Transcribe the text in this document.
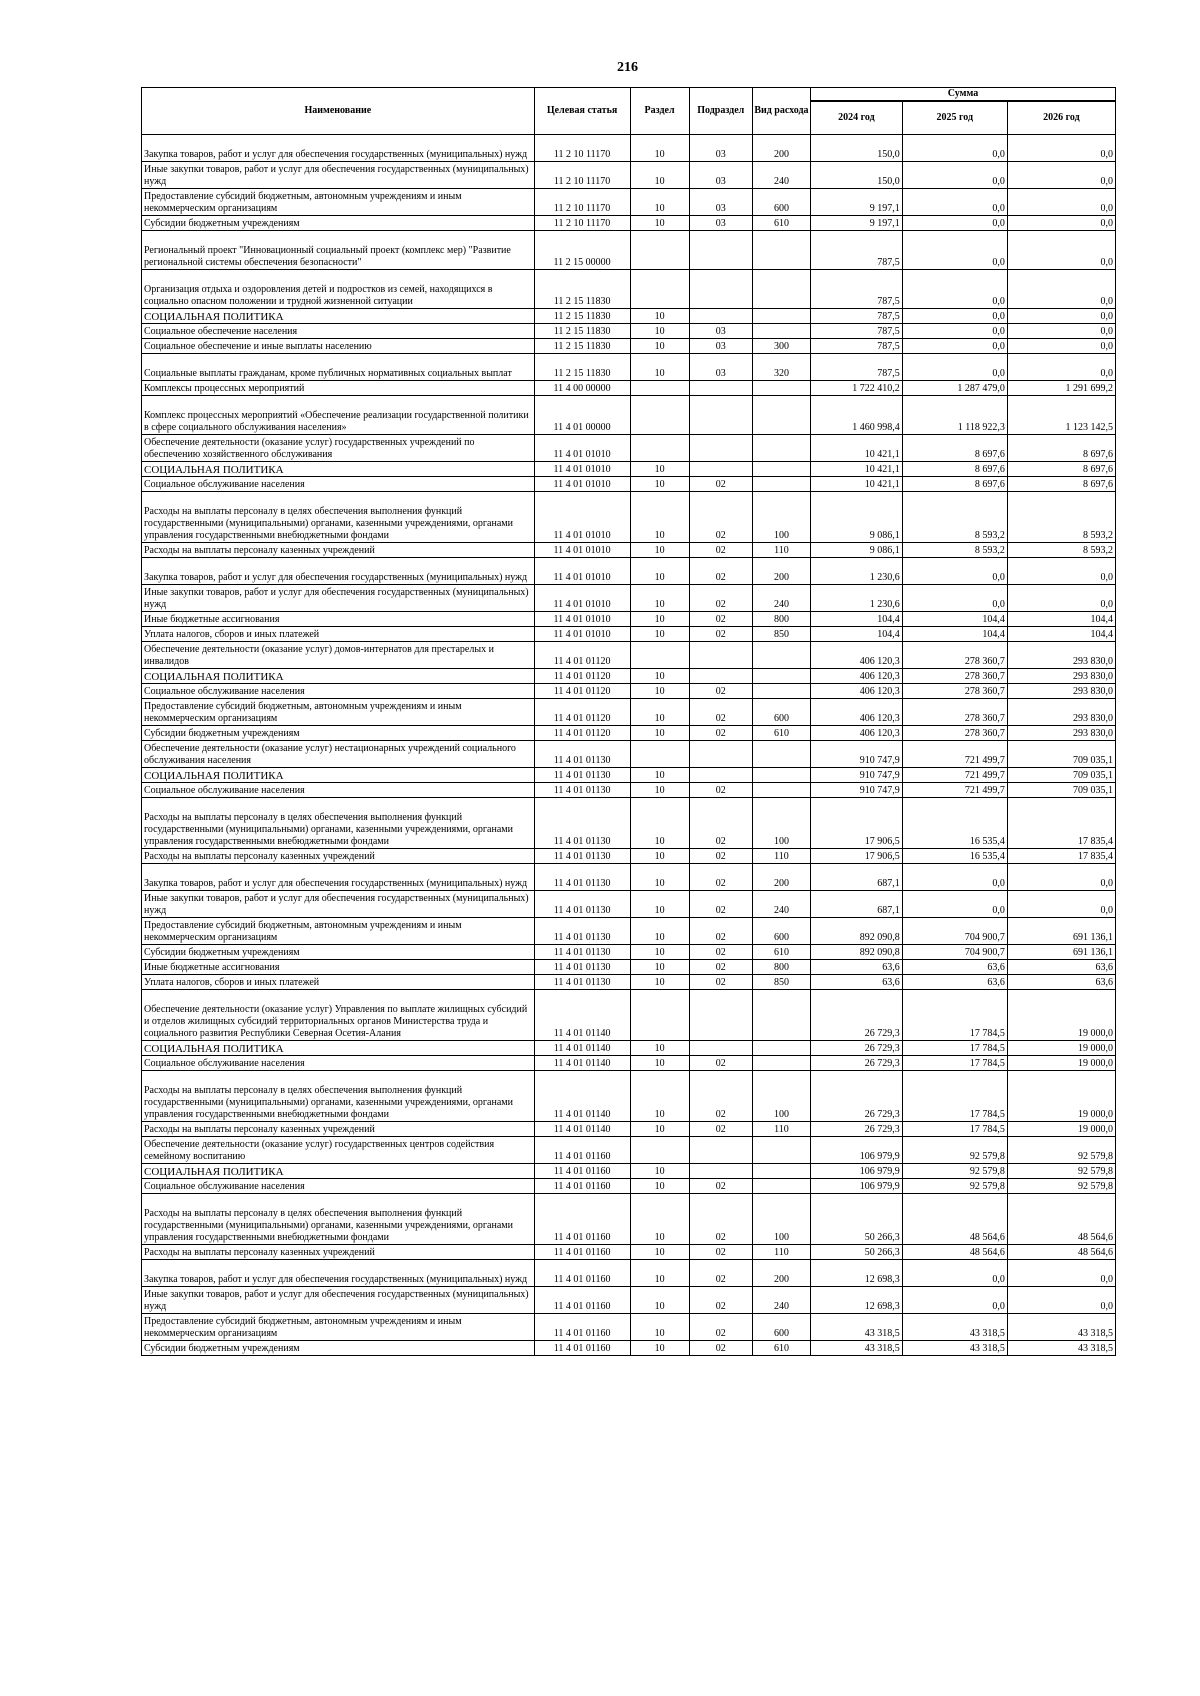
216
Наименование	Целевая статья	Раздел	Подраздел	Вид расхода	Сумма		
					2024 год	2025 год	2026 год
Закупка товаров, работ и услуг для обеспечения государственных (муниципальных) нужд	11 2 10 11170	10	03	200	150,0	0,0	0,0
Иные закупки товаров, работ и услуг для обеспечения государственных (муниципальных) нужд	11 2 10 11170	10	03	240	150,0	0,0	0,0
Предоставление субсидий бюджетным, автономным учреждениям и иным некоммерческим организациям	11 2 10 11170	10	03	600	9 197,1	0,0	0,0
Субсидии бюджетным учреждениям	11 2 10 11170	10	03	610	9 197,1	0,0	0,0
Региональный проект "Инновационный социальный проект (комплекс мер) "Развитие региональной системы обеспечения безопасности"	11 2 15 00000				787,5	0,0	0,0
Организация отдыха и оздоровления детей и подростков из семей, находящихся в социально опасном положении и трудной жизненной ситуации	11 2 15 11830				787,5	0,0	0,0
СОЦИАЛЬНАЯ ПОЛИТИКА	11 2 15 11830	10			787,5	0,0	0,0
Социальное обеспечение населения	11 2 15 11830	10	03		787,5	0,0	0,0
Социальное обеспечение и иные выплаты населению	11 2 15 11830	10	03	300	787,5	0,0	0,0
Социальные выплаты гражданам, кроме публичных нормативных социальных выплат	11 2 15 11830	10	03	320	787,5	0,0	0,0
Комплексы процессных мероприятий	11 4 00 00000				1 722 410,2	1 287 479,0	1 291 699,2
Комплекс процессных мероприятий «Обеспечение реализации государственной политики в сфере социального обслуживания населения»	11 4 01 00000				1 460 998,4	1 118 922,3	1 123 142,5
Обеспечение деятельности (оказание услуг) государственных учреждений по обеспечению хозяйственного обслуживания	11 4 01 01010				10 421,1	8 697,6	8 697,6
СОЦИАЛЬНАЯ ПОЛИТИКА	11 4 01 01010	10			10 421,1	8 697,6	8 697,6
Социальное обслуживание населения	11 4 01 01010	10	02		10 421,1	8 697,6	8 697,6
Расходы на выплаты персоналу в целях обеспечения выполнения функций государственными (муниципальными) органами, казенными учреждениями, органами управления государственными внебюджетными фондами	11 4 01 01010	10	02	100	9 086,1	8 593,2	8 593,2
Расходы на выплаты персоналу казенных учреждений	11 4 01 01010	10	02	110	9 086,1	8 593,2	8 593,2
Закупка товаров, работ и услуг для обеспечения государственных (муниципальных) нужд	11 4 01 01010	10	02	200	1 230,6	0,0	0,0
Иные закупки товаров, работ и услуг для обеспечения государственных (муниципальных) нужд	11 4 01 01010	10	02	240	1 230,6	0,0	0,0
Иные бюджетные ассигнования	11 4 01 01010	10	02	800	104,4	104,4	104,4
Уплата налогов, сборов и иных платежей	11 4 01 01010	10	02	850	104,4	104,4	104,4
Обеспечение деятельности (оказание услуг) домов-интернатов для престарелых и инвалидов	11 4 01 01120				406 120,3	278 360,7	293 830,0
СОЦИАЛЬНАЯ ПОЛИТИКА	11 4 01 01120	10			406 120,3	278 360,7	293 830,0
Социальное обслуживание населения	11 4 01 01120	10	02		406 120,3	278 360,7	293 830,0
Предоставление субсидий бюджетным, автономным учреждениям и иным некоммерческим организациям	11 4 01 01120	10	02	600	406 120,3	278 360,7	293 830,0
Субсидии бюджетным учреждениям	11 4 01 01120	10	02	610	406 120,3	278 360,7	293 830,0
Обеспечение деятельности (оказание услуг) нестационарных учреждений социального обслуживания населения	11 4 01 01130				910 747,9	721 499,7	709 035,1
СОЦИАЛЬНАЯ ПОЛИТИКА	11 4 01 01130	10			910 747,9	721 499,7	709 035,1
Социальное обслуживание населения	11 4 01 01130	10	02		910 747,9	721 499,7	709 035,1
Расходы на выплаты персоналу в целях обеспечения выполнения функций государственными (муниципальными) органами, казенными учреждениями, органами управления государственными внебюджетными фондами	11 4 01 01130	10	02	100	17 906,5	16 535,4	17 835,4
Расходы на выплаты персоналу казенных учреждений	11 4 01 01130	10	02	110	17 906,5	16 535,4	17 835,4
Закупка товаров, работ и услуг для обеспечения государственных (муниципальных) нужд	11 4 01 01130	10	02	200	687,1	0,0	0,0
Иные закупки товаров, работ и услуг для обеспечения государственных (муниципальных) нужд	11 4 01 01130	10	02	240	687,1	0,0	0,0
Предоставление субсидий бюджетным, автономным учреждениям и иным некоммерческим организациям	11 4 01 01130	10	02	600	892 090,8	704 900,7	691 136,1
Субсидии бюджетным учреждениям	11 4 01 01130	10	02	610	892 090,8	704 900,7	691 136,1
Иные бюджетные ассигнования	11 4 01 01130	10	02	800	63,6	63,6	63,6
Уплата налогов, сборов и иных платежей	11 4 01 01130	10	02	850	63,6	63,6	63,6
Обеспечение деятельности (оказание услуг) Управления по выплате жилищных субсидий и отделов жилищных субсидий территориальных органов Министерства труда и социального развития Республики Северная Осетия-Алания	11 4 01 01140				26 729,3	17 784,5	19 000,0
СОЦИАЛЬНАЯ ПОЛИТИКА	11 4 01 01140	10			26 729,3	17 784,5	19 000,0
Социальное обслуживание населения	11 4 01 01140	10	02		26 729,3	17 784,5	19 000,0
Расходы на выплаты персоналу в целях обеспечения выполнения функций государственными (муниципальными) органами, казенными учреждениями, органами управления государственными внебюджетными фондами	11 4 01 01140	10	02	100	26 729,3	17 784,5	19 000,0
Расходы на выплаты персоналу казенных учреждений	11 4 01 01140	10	02	110	26 729,3	17 784,5	19 000,0
Обеспечение деятельности (оказание услуг) государственных центров содействия семейному воспитанию	11 4 01 01160				106 979,9	92 579,8	92 579,8
СОЦИАЛЬНАЯ ПОЛИТИКА	11 4 01 01160	10			106 979,9	92 579,8	92 579,8
Социальное обслуживание населения	11 4 01 01160	10	02		106 979,9	92 579,8	92 579,8
Расходы на выплаты персоналу в целях обеспечения выполнения функций государственными (муниципальными) органами, казенными учреждениями, органами управления государственными внебюджетными фондами	11 4 01 01160	10	02	100	50 266,3	48 564,6	48 564,6
Расходы на выплаты персоналу казенных учреждений	11 4 01 01160	10	02	110	50 266,3	48 564,6	48 564,6
Закупка товаров, работ и услуг для обеспечения государственных (муниципальных) нужд	11 4 01 01160	10	02	200	12 698,3	0,0	0,0
Иные закупки товаров, работ и услуг для обеспечения государственных (муниципальных) нужд	11 4 01 01160	10	02	240	12 698,3	0,0	0,0
Предоставление субсидий бюджетным, автономным учреждениям и иным некоммерческим организациям	11 4 01 01160	10	02	600	43 318,5	43 318,5	43 318,5
Субсидии бюджетным учреждениям	11 4 01 01160	10	02	610	43 318,5	43 318,5	43 318,5
